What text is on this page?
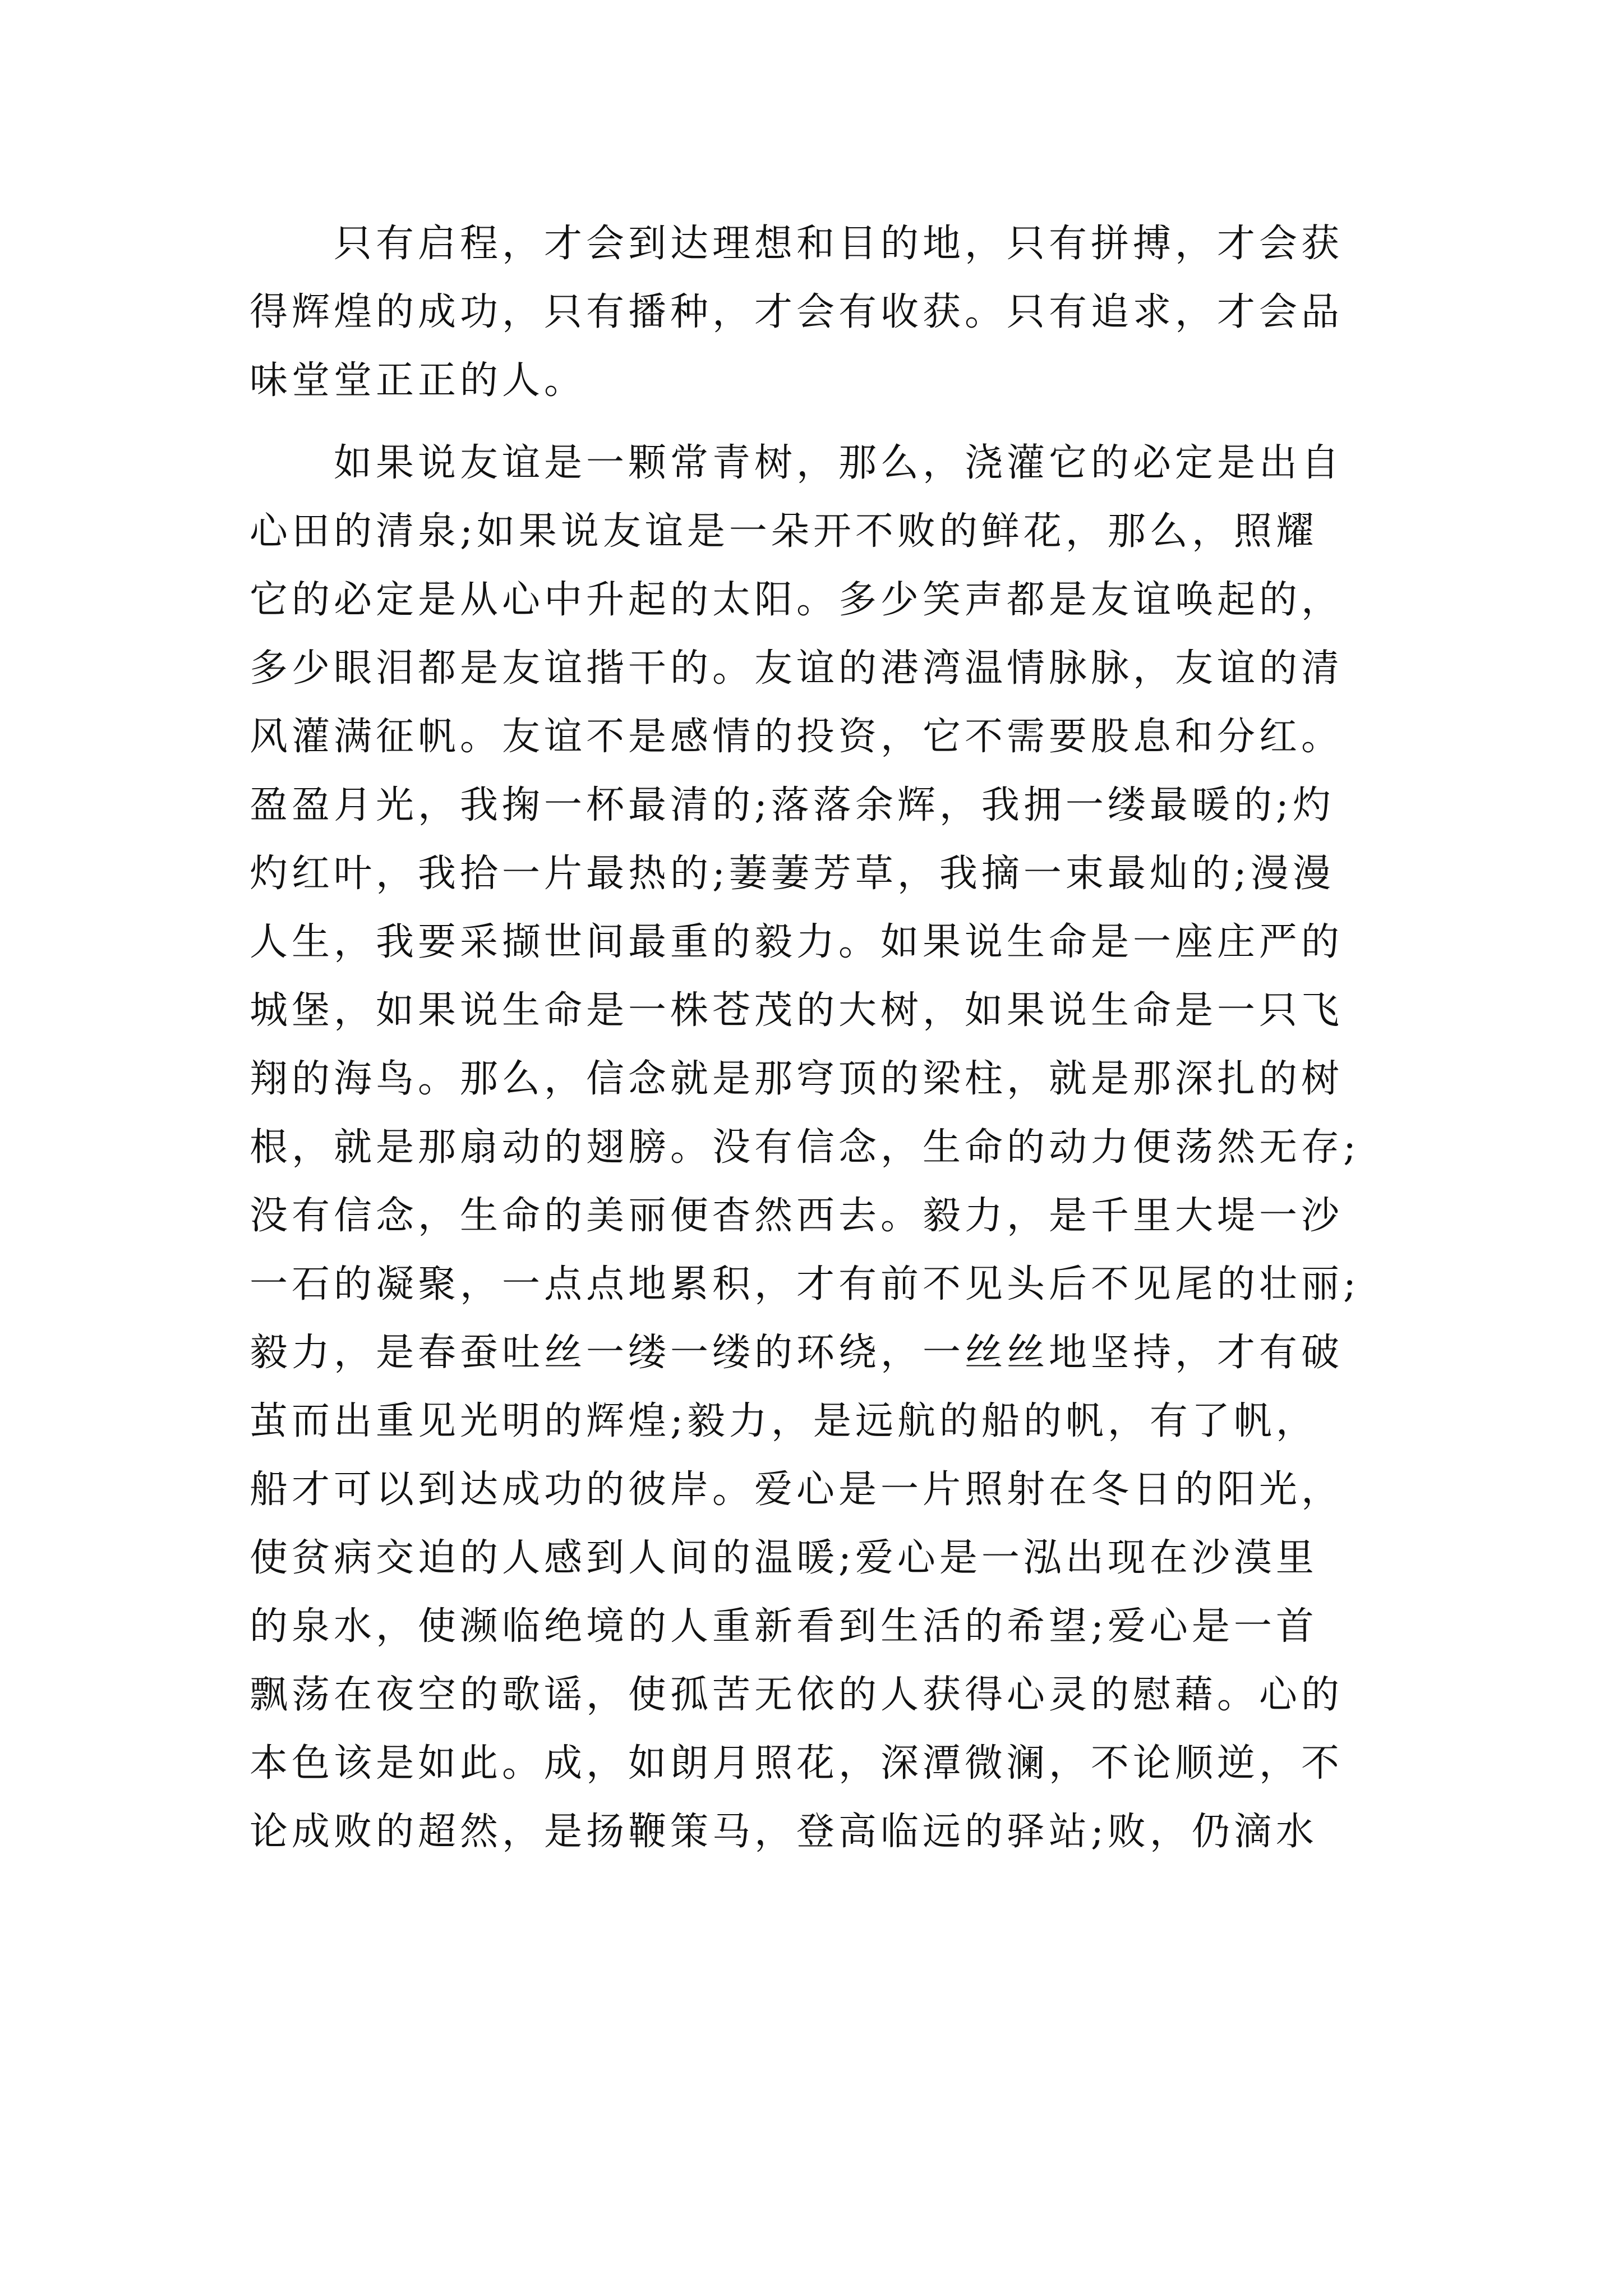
只有启程，才会到达理想和目的地，只有拼搏，才会获
得辉煌的成功，只有播种，才会有收获。只有追求，才会品
味堂堂正正的人。
如果说友谊是一颗常青树，那么，浇灌它的必定是出自
心田的清泉;如果说友谊是一朵开不败的鲜花，那么，照耀
它的必定是从心中升起的太阳。多少笑声都是友谊唤起的，
多少眼泪都是友谊揩干的。友谊的港湾温情脉脉，友谊的清
风灌满征帆。友谊不是感情的投资，它不需要股息和分红。
盈盈月光，我掬一杯最清的;落落余辉，我拥一缕最暖的;灼
灼红叶，我拾一片最热的;萋萋芳草，我摘一束最灿的;漫漫
人生，我要采撷世间最重的毅力。如果说生命是一座庄严的
城堡，如果说生命是一株苍茂的大树，如果说生命是一只飞
翔的海鸟。那么，信念就是那穹顶的梁柱，就是那深扎的树
根，就是那扇动的翅膀。没有信念，生命的动力便荡然无存;
没有信念，生命的美丽便杳然西去。毅力，是千里大堤一沙
一石的凝聚，一点点地累积，才有前不见头后不见尾的壮丽;
毅力，是春蚕吐丝一缕一缕的环绕，一丝丝地坚持，才有破
茧而出重见光明的辉煌;毅力，是远航的船的帆，有了帆，
船才可以到达成功的彼岸。爱心是一片照射在冬日的阳光，
使贫病交迫的人感到人间的温暖;爱心是一泓出现在沙漠里
的泉水，使濒临绝境的人重新看到生活的希望;爱心是一首
飘荡在夜空的歌谣，使孤苦无依的人获得心灵的慰藉。心的
本色该是如此。成，如朗月照花，深潭微澜，不论顺逆，不
论成败的超然，是扬鞭策马，登高临远的驿站;败，仍滴水
